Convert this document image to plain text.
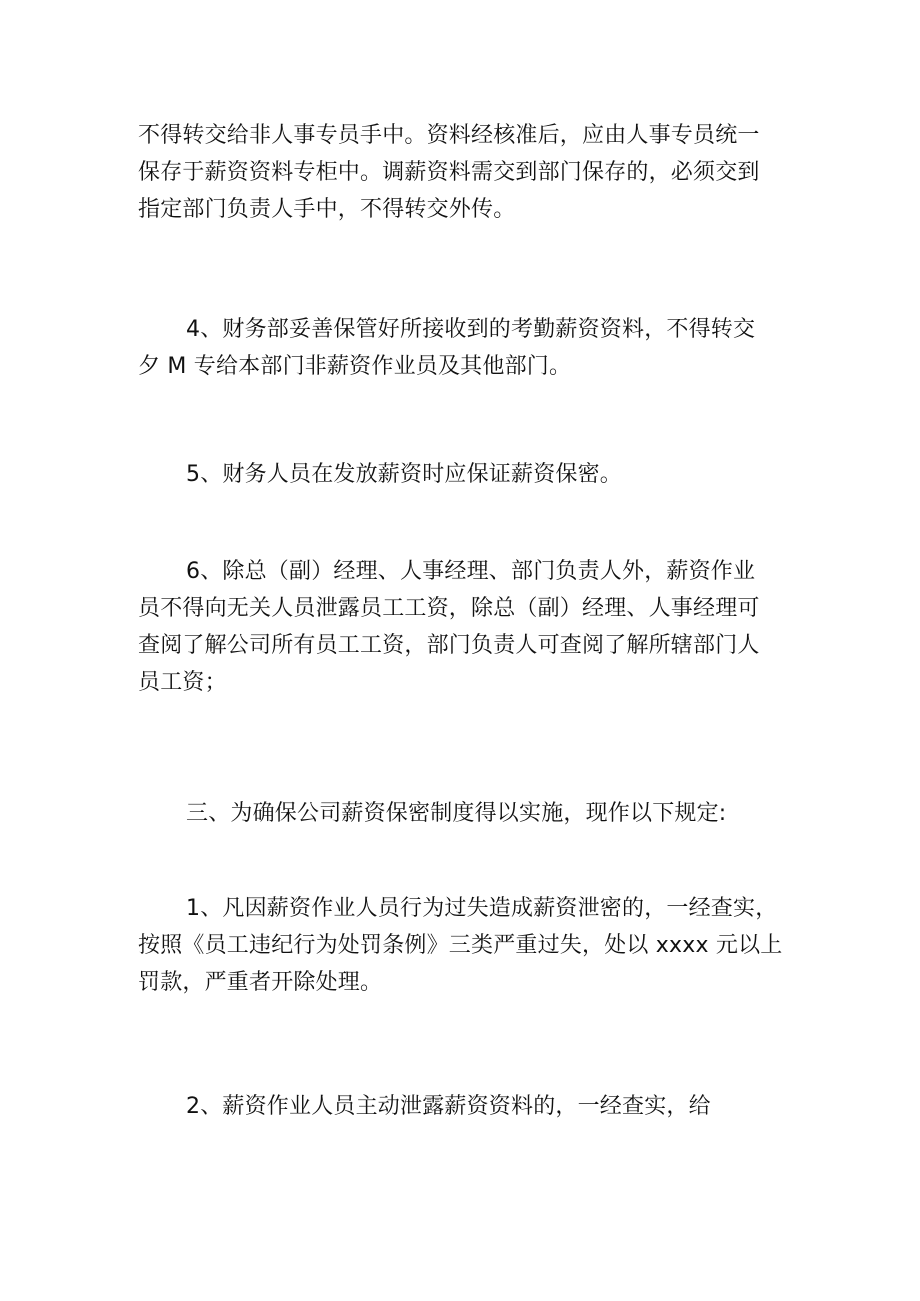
不得转交给非人事专员手中。资料经核准后，应由人事专员统一
保存于薪资资料专柜中。调薪资料需交到部门保存的，必须交到
指定部门负责人手中，不得转交外传。
4、财务部妥善保管好所接收到的考勤薪资资料，不得转交
夕 M 专给本部门非薪资作业员及其他部门。
5、财务人员在发放薪资时应保证薪资保密。
6、除总（副）经理、人事经理、部门负责人外，薪资作业
员不得向无关人员泄露员工工资，除总（副）经理、人事经理可
查阅了解公司所有员工工资，部门负责人可查阅了解所辖部门人
员工资；
三、为确保公司薪资保密制度得以实施，现作以下规定:
1、凡因薪资作业人员行为过失造成薪资泄密的，一经查实，
按照《员工违纪行为处罚条例》三类严重过失，处以 xxxx 元以上
罚款，严重者开除处理。
2、薪资作业人员主动泄露薪资资料的，一经查实，给
